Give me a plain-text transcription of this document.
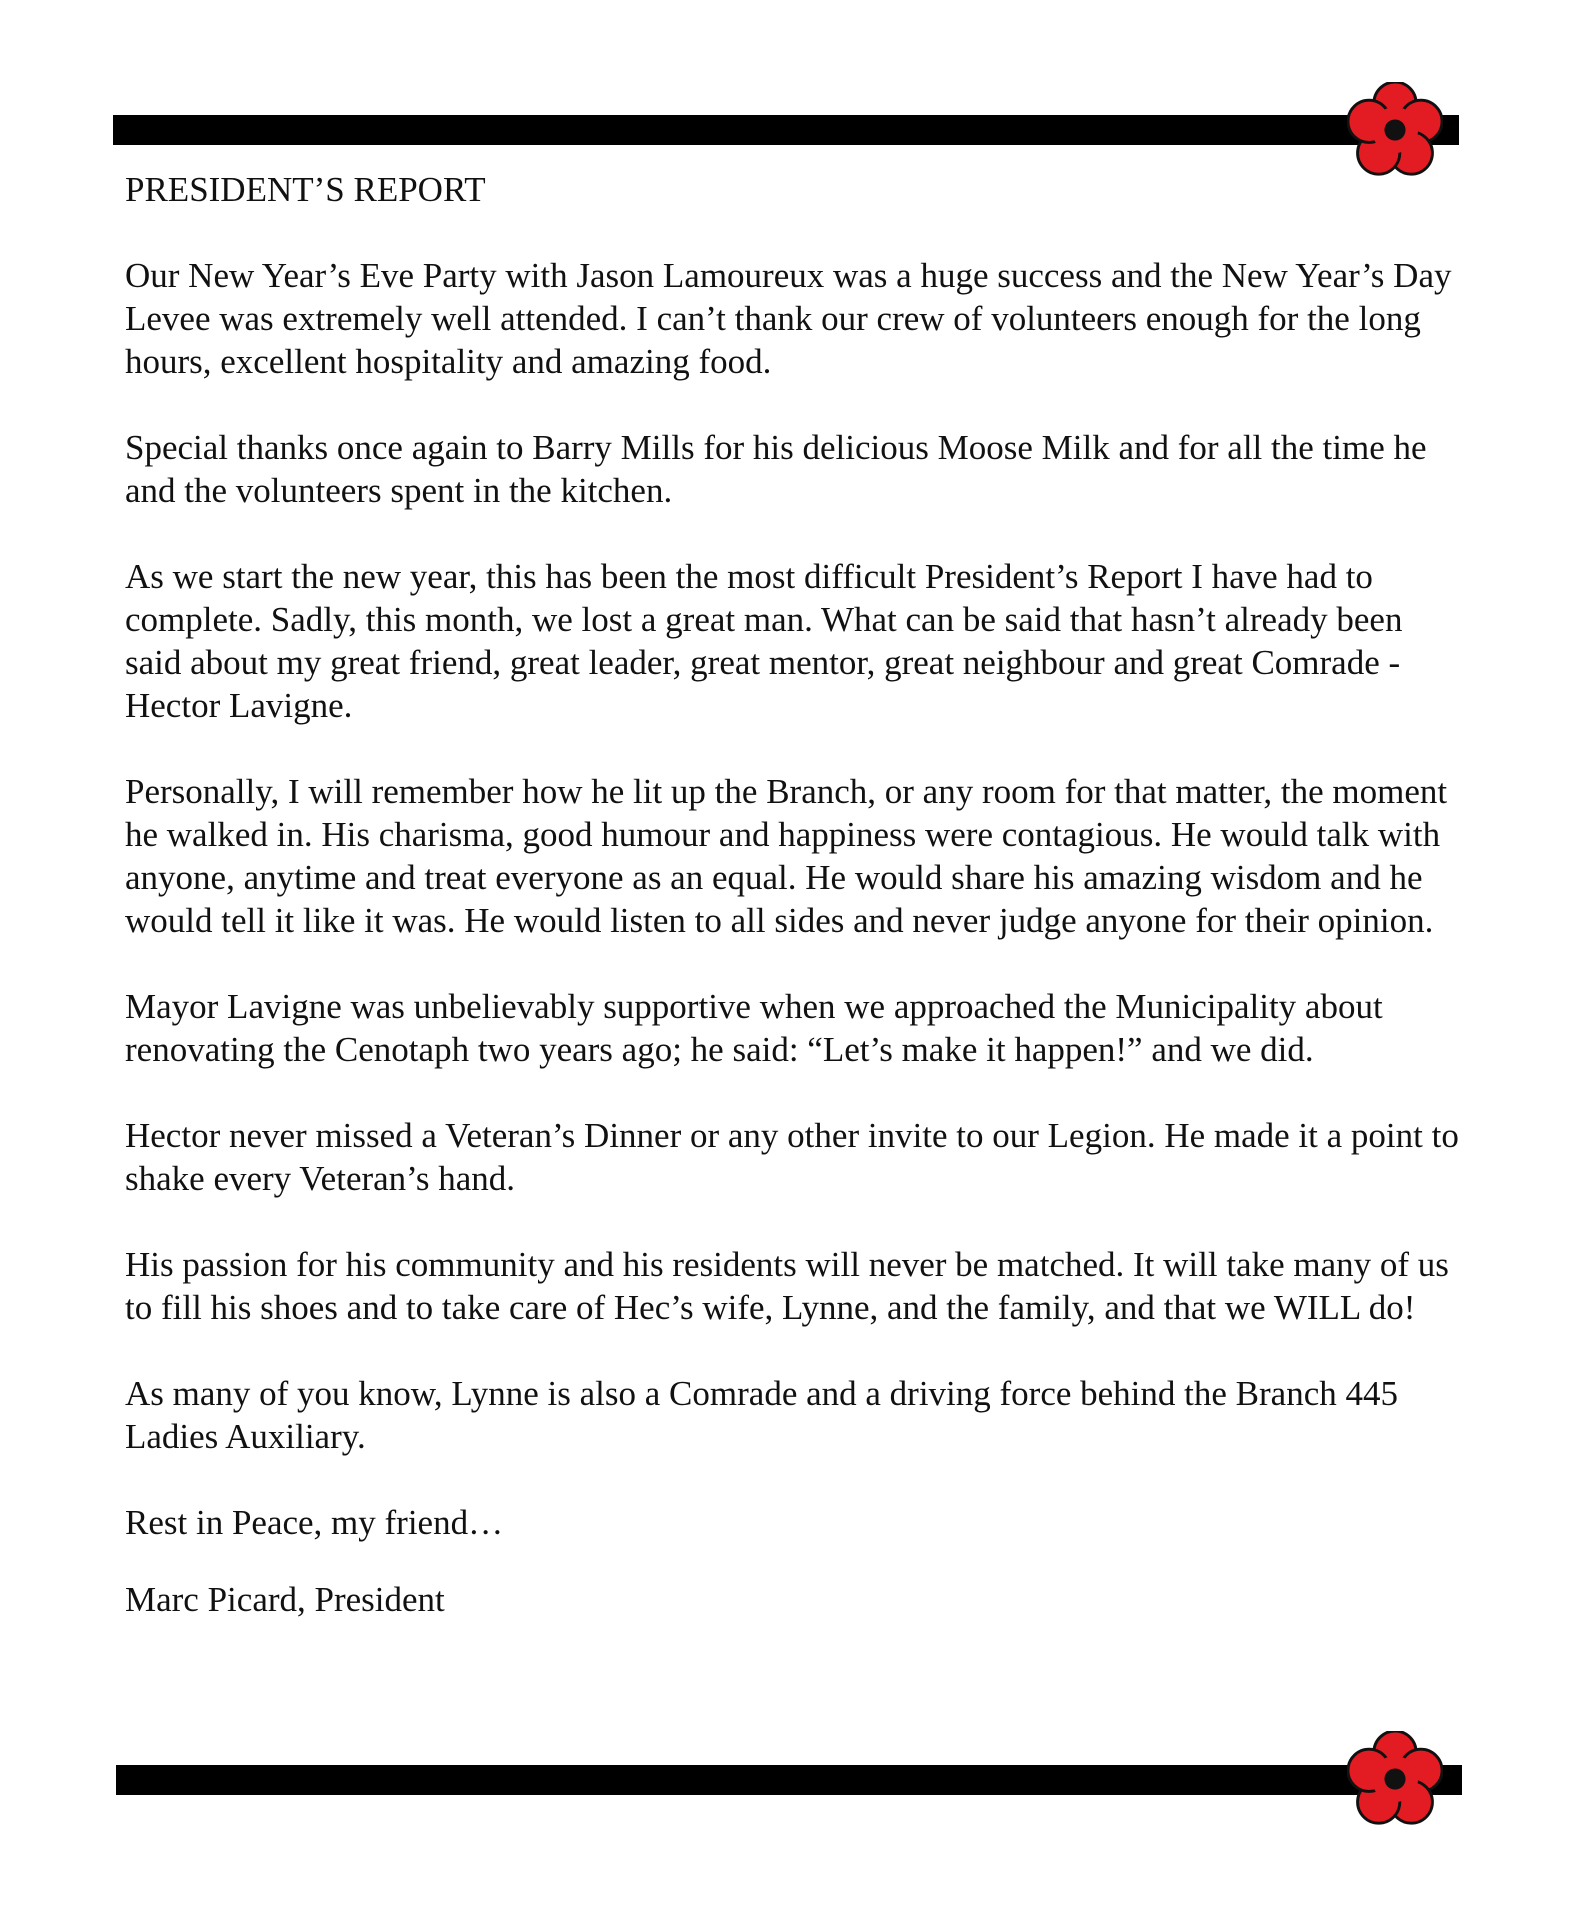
PRESIDENT’S REPORT

Our New Year’s Eve Party with Jason Lamoureux was a huge success and the New Year’s Day Levee was extremely well attended. I can’t thank our crew of volunteers enough for the long hours, excellent hospitality and amazing food.

Special thanks once again to Barry Mills for his delicious Moose Milk and for all the time he and the volunteers spent in the kitchen.

As we start the new year, this has been the most difficult President’s Report I have had to complete. Sadly, this month, we lost a great man. What can be said that hasn’t already been said about my great friend, great leader, great mentor, great neighbour and great Comrade - Hector Lavigne.

Personally, I will remember how he lit up the Branch, or any room for that matter, the moment he walked in. His charisma, good humour and happiness were contagious. He would talk with anyone, anytime and treat everyone as an equal. He would share his amazing wisdom and he would tell it like it was. He would listen to all sides and never judge anyone for their opinion.

Mayor Lavigne was unbelievably supportive when we approached the Municipality about renovating the Cenotaph two years ago; he said: “Let’s make it happen!” and we did.

Hector never missed a Veteran’s Dinner or any other invite to our Legion. He made it a point to shake every Veteran’s hand.

His passion for his community and his residents will never be matched. It will take many of us to fill his shoes and to take care of Hec’s wife, Lynne, and the family, and that we WILL do!

As many of you know, Lynne is also a Comrade and a driving force behind the Branch 445 Ladies Auxiliary.

Rest in Peace, my friend…

Marc Picard, President
